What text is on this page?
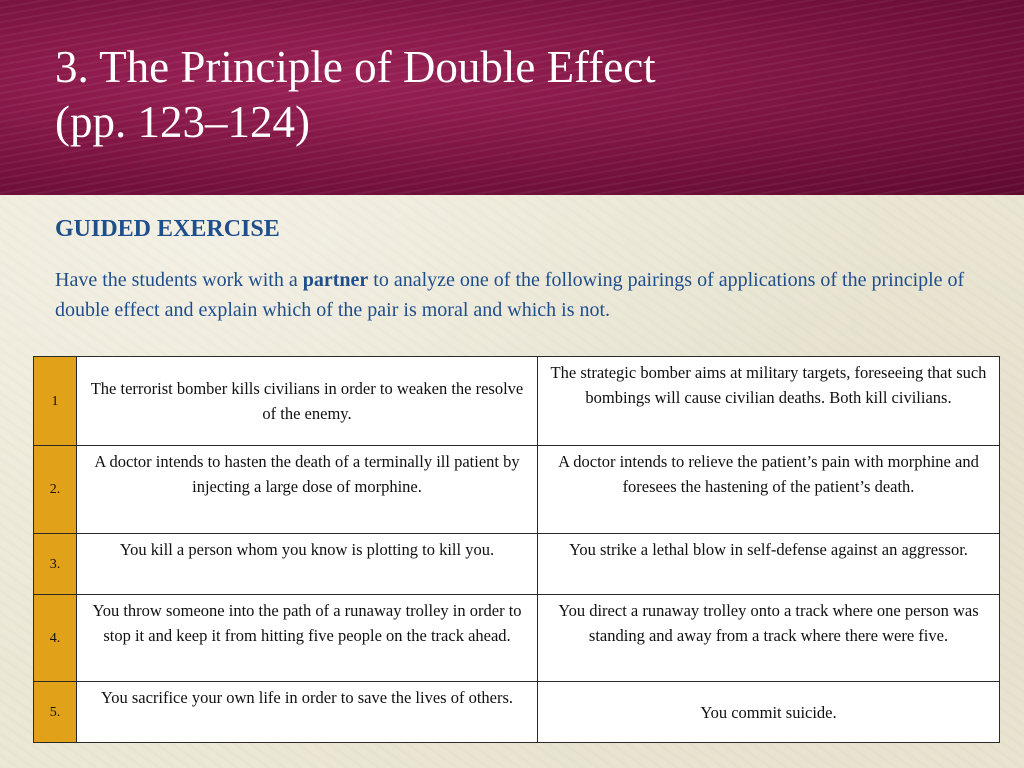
3. The Principle of Double Effect
(pp. 123–124)
GUIDED EXERCISE

Have the students work with a partner to analyze one of the following pairings of applications of the principle of double effect and explain which of the pair is moral and which is not.

1	The terrorist bomber kills civilians in order to weaken the resolve of the enemy.	The strategic bomber aims at military targets, foreseeing that such bombings will cause civilian deaths. Both kill civilians.
2.	A doctor intends to hasten the death of a terminally ill patient by injecting a large dose of morphine.	A doctor intends to relieve the patient’s pain with morphine and foresees the hastening of the patient’s death.
3.	You kill a person whom you know is plotting to kill you.	You strike a lethal blow in self-defense against an aggressor.
4.	You throw someone into the path of a runaway trolley in order to stop it and keep it from hitting five people on the track ahead.	You direct a runaway trolley onto a track where one person was standing and away from a track where there were five.
5.	You sacrifice your own life in order to save the lives of others.	You commit suicide.
